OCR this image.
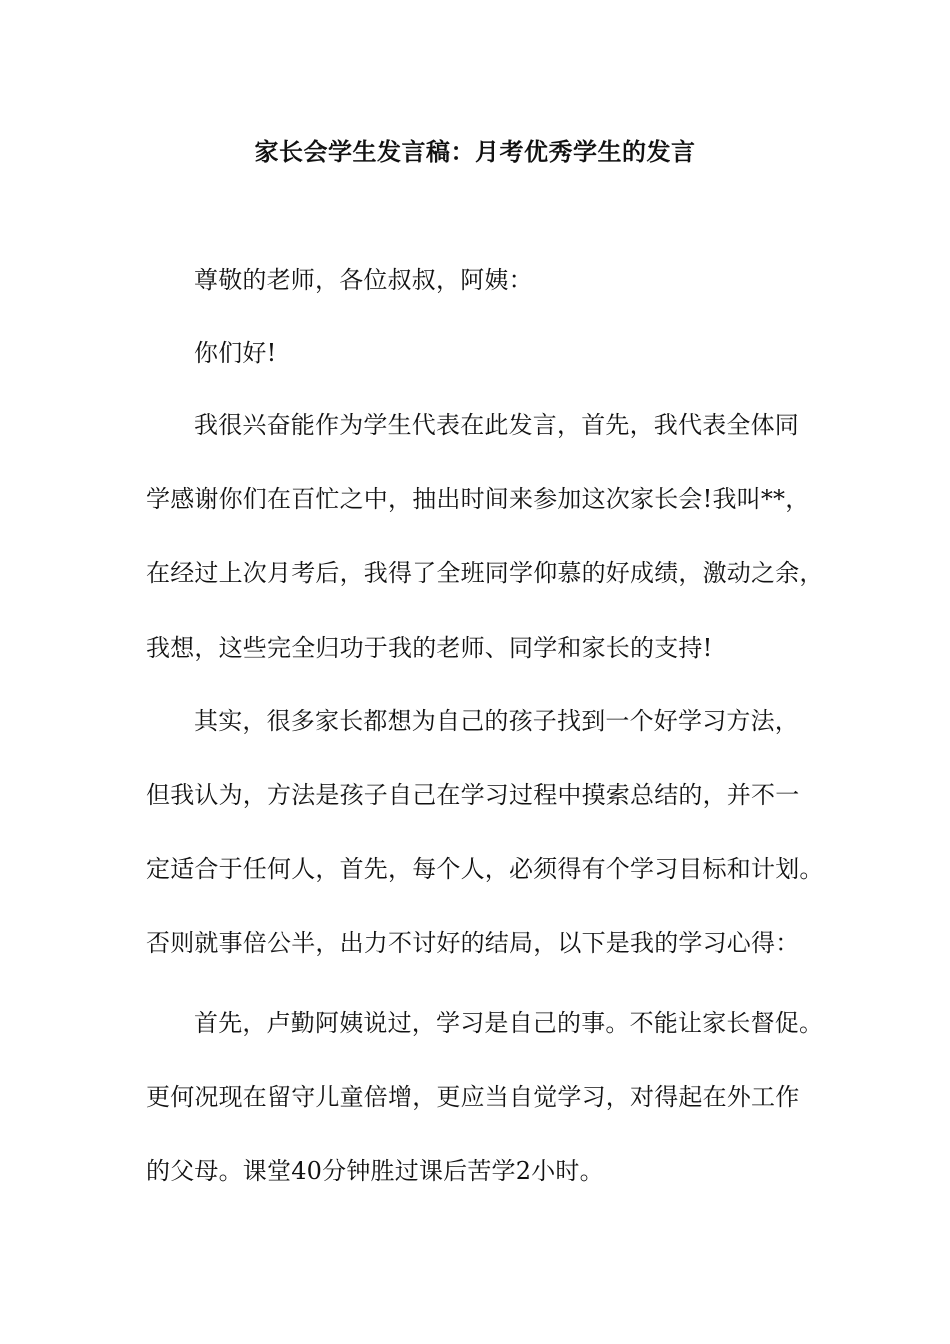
家长会学生发言稿：月考优秀学生的发言
尊敬的老师，各位叔叔，阿姨：
你们好!
我很兴奋能作为学生代表在此发言，首先，我代表全体同
学感谢你们在百忙之中，抽出时间来参加这次家长会!我叫**，
在经过上次月考后，我得了全班同学仰慕的好成绩，激动之余，
我想，这些完全归功于我的老师、同学和家长的支持!
其实，很多家长都想为自己的孩子找到一个好学习方法，
但我认为，方法是孩子自己在学习过程中摸索总结的，并不一
定适合于任何人，首先，每个人，必须得有个学习目标和计划。
否则就事倍公半，出力不讨好的结局，以下是我的学习心得：
首先，卢勤阿姨说过，学习是自己的事。不能让家长督促。
更何况现在留守儿童倍增，更应当自觉学习，对得起在外工作
的父母。课堂40分钟胜过课后苦学2小时。
